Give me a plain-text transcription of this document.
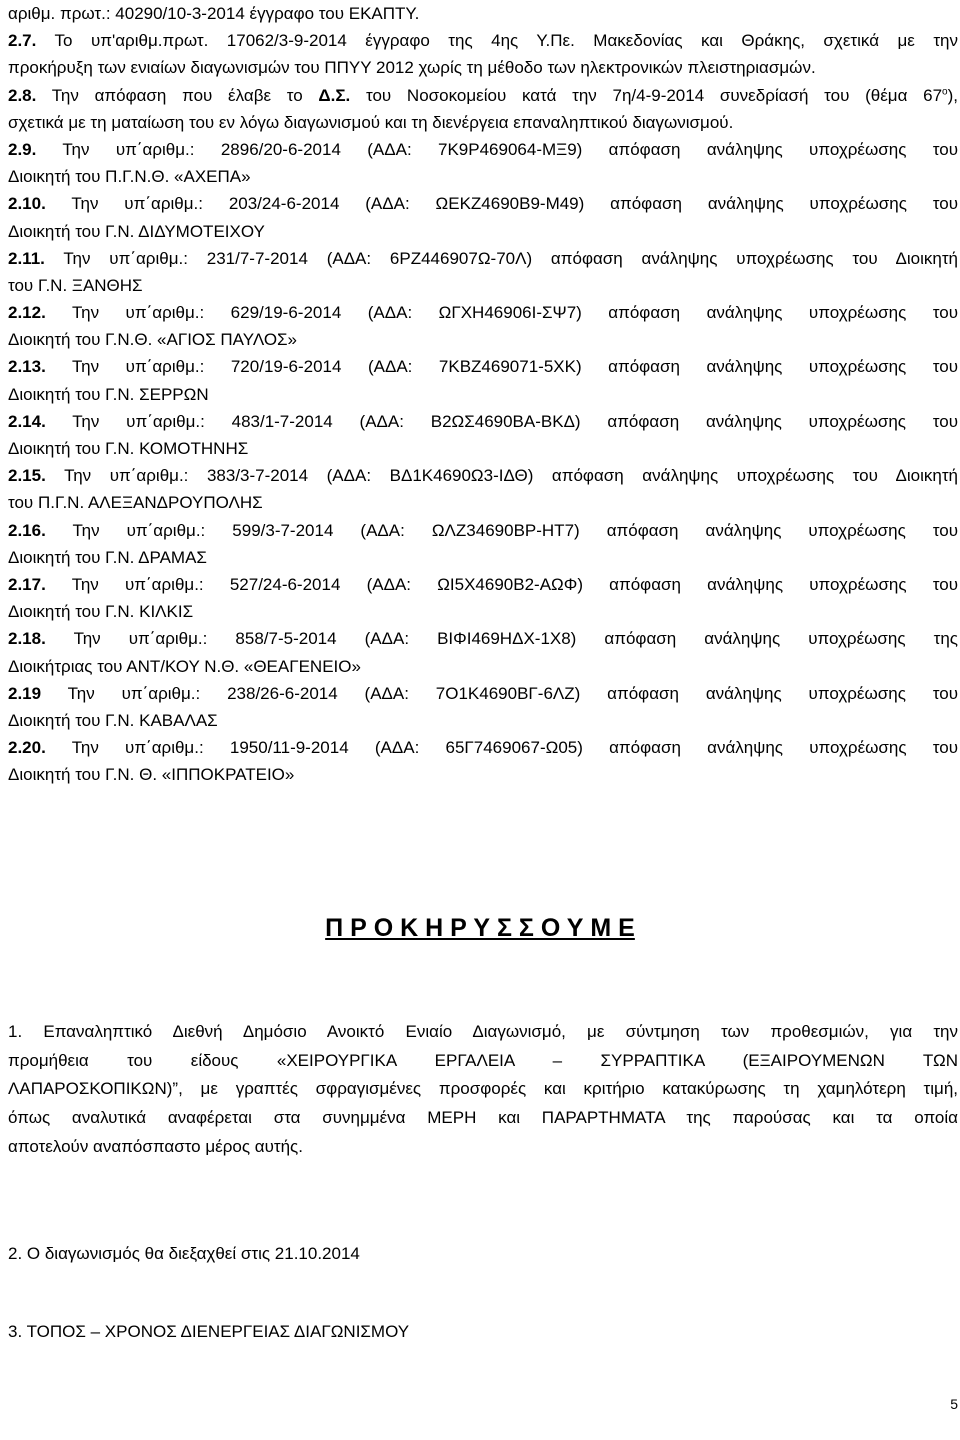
αριθμ. πρωτ.: 40290/10-3-2014 έγγραφο του ΕΚΑΠΤΥ.
2.7. Το υπ'αριθμ.πρωτ. 17062/3-9-2014 έγγραφο της 4ης Υ.Πε. Μακεδονίας και Θράκης, σχετικά με την
προκήρυξη των ενιαίων διαγωνισμών του ΠΠΥΥ 2012 χωρίς τη μέθοδο των ηλεκτρονικών πλειστηριασμών.
2.8. Την απόφαση που έλαβε το Δ.Σ. του Νοσοκομείου κατά την 7η/4-9-2014 συνεδρίασή του (θέμα $67^o$),
σχετικά με τη ματαίωση του εν λόγω διαγωνισμού και τη διενέργεια επαναληπτικού διαγωνισμού.
2.9. Την υπ΄αριθμ.: 2896/20-6-2014 (ΑΔΑ: 7Κ9Ρ469064-ΜΞ9) απόφαση ανάληψης υποχρέωσης του
Διοικητή του Π.Γ.Ν.Θ. «ΑΧΕΠΑ»
2.10. Την υπ΄αριθμ.: 203/24-6-2014 (ΑΔΑ: ΩΕΚΖ4690Β9-Μ49) απόφαση ανάληψης υποχρέωσης του
Διοικητή του Γ.Ν. ΔΙΔΥΜΟΤΕΙΧΟΥ
2.11. Την υπ΄αριθμ.: 231/7-7-2014 (ΑΔΑ: 6ΡΖ446907Ω-70Λ) απόφαση ανάληψης υποχρέωσης του Διοικητή
του Γ.Ν. ΞΑΝΘΗΣ
2.12. Την υπ΄αριθμ.: 629/19-6-2014 (ΑΔΑ: ΩΓΧΗ46906Ι-ΣΨ7) απόφαση ανάληψης υποχρέωσης του
Διοικητή του Γ.Ν.Θ. «ΑΓΙΟΣ ΠΑΥΛΟΣ»
2.13. Την υπ΄αριθμ.: 720/19-6-2014 (ΑΔΑ: 7ΚΒΖ469071-5ΧΚ) απόφαση ανάληψης υποχρέωσης του
Διοικητή του Γ.Ν. ΣΕΡΡΩΝ
2.14. Την υπ΄αριθμ.: 483/1-7-2014 (ΑΔΑ: Β2ΩΣ4690ΒΑ-ΒΚΔ) απόφαση ανάληψης υποχρέωσης του
Διοικητή του Γ.Ν. ΚΟΜΟΤΗΝΗΣ
2.15. Την υπ΄αριθμ.: 383/3-7-2014 (ΑΔΑ: ΒΔ1Κ4690Ω3-ΙΔΘ) απόφαση ανάληψης υποχρέωσης του Διοικητή
του Π.Γ.Ν. ΑΛΕΞΑΝΔΡΟΥΠΟΛΗΣ
2.16. Την υπ΄αριθμ.: 599/3-7-2014 (ΑΔΑ: ΩΛΖ34690ΒΡ-ΗΤ7) απόφαση ανάληψης υποχρέωσης του
Διοικητή του Γ.Ν. ΔΡΑΜΑΣ
2.17. Την υπ΄αριθμ.: 527/24-6-2014 (ΑΔΑ: ΩΙ5Χ4690Β2-ΑΩΦ) απόφαση ανάληψης υποχρέωσης του
Διοικητή του Γ.Ν. ΚΙΛΚΙΣ
2.18. Την υπ΄αριθμ.: 858/7-5-2014 (ΑΔΑ: ΒΙΦΙ469ΗΔΧ-1Χ8) απόφαση ανάληψης υποχρέωσης της
Διοικήτριας του ΑΝΤ/ΚΟΥ Ν.Θ. «ΘΕΑΓΕΝΕΙΟ»
2.19 Την υπ΄αριθμ.: 238/26-6-2014 (ΑΔΑ: 7Ο1Κ4690ΒΓ-6ΛΖ) απόφαση ανάληψης υποχρέωσης του
Διοικητή του Γ.Ν. ΚΑΒΑΛΑΣ
2.20. Την υπ΄αριθμ.: 1950/11-9-2014 (ΑΔΑ: 65Γ7469067-Ω05) απόφαση ανάληψης υποχρέωσης του
Διοικητή του Γ.Ν. Θ. «ΙΠΠΟΚΡΑΤΕΙΟ»
Π Ρ Ο Κ Η Ρ Υ Σ Σ Ο Υ Μ Ε
1. Επαναληπτικό Διεθνή Δημόσιο Ανοικτό Ενιαίο Διαγωνισμό, με σύντμηση των προθεσμιών, για την
προμήθεια του είδους «ΧΕΙΡΟΥΡΓΙΚΑ ΕΡΓΑΛΕΙΑ – ΣΥΡΡΑΠΤΙΚΑ (ΕΞΑΙΡΟΥΜΕΝΩΝ ΤΩΝ
ΛΑΠΑΡΟΣΚΟΠΙΚΩΝ)”, με γραπτές σφραγισμένες προσφορές και κριτήριο κατακύρωσης τη χαμηλότερη τιμή,
όπως αναλυτικά αναφέρεται στα συνημμένα ΜΕΡΗ και ΠΑΡΑΡΤΗΜΑΤΑ της παρούσας και τα οποία
αποτελούν αναπόσπαστο μέρος αυτής.
2. Ο διαγωνισμός θα διεξαχθεί στις 21.10.2014
3. ΤΟΠΟΣ – ΧΡΟΝΟΣ ΔΙΕΝΕΡΓΕΙΑΣ ΔΙΑΓΩΝΙΣΜΟΥ
5
